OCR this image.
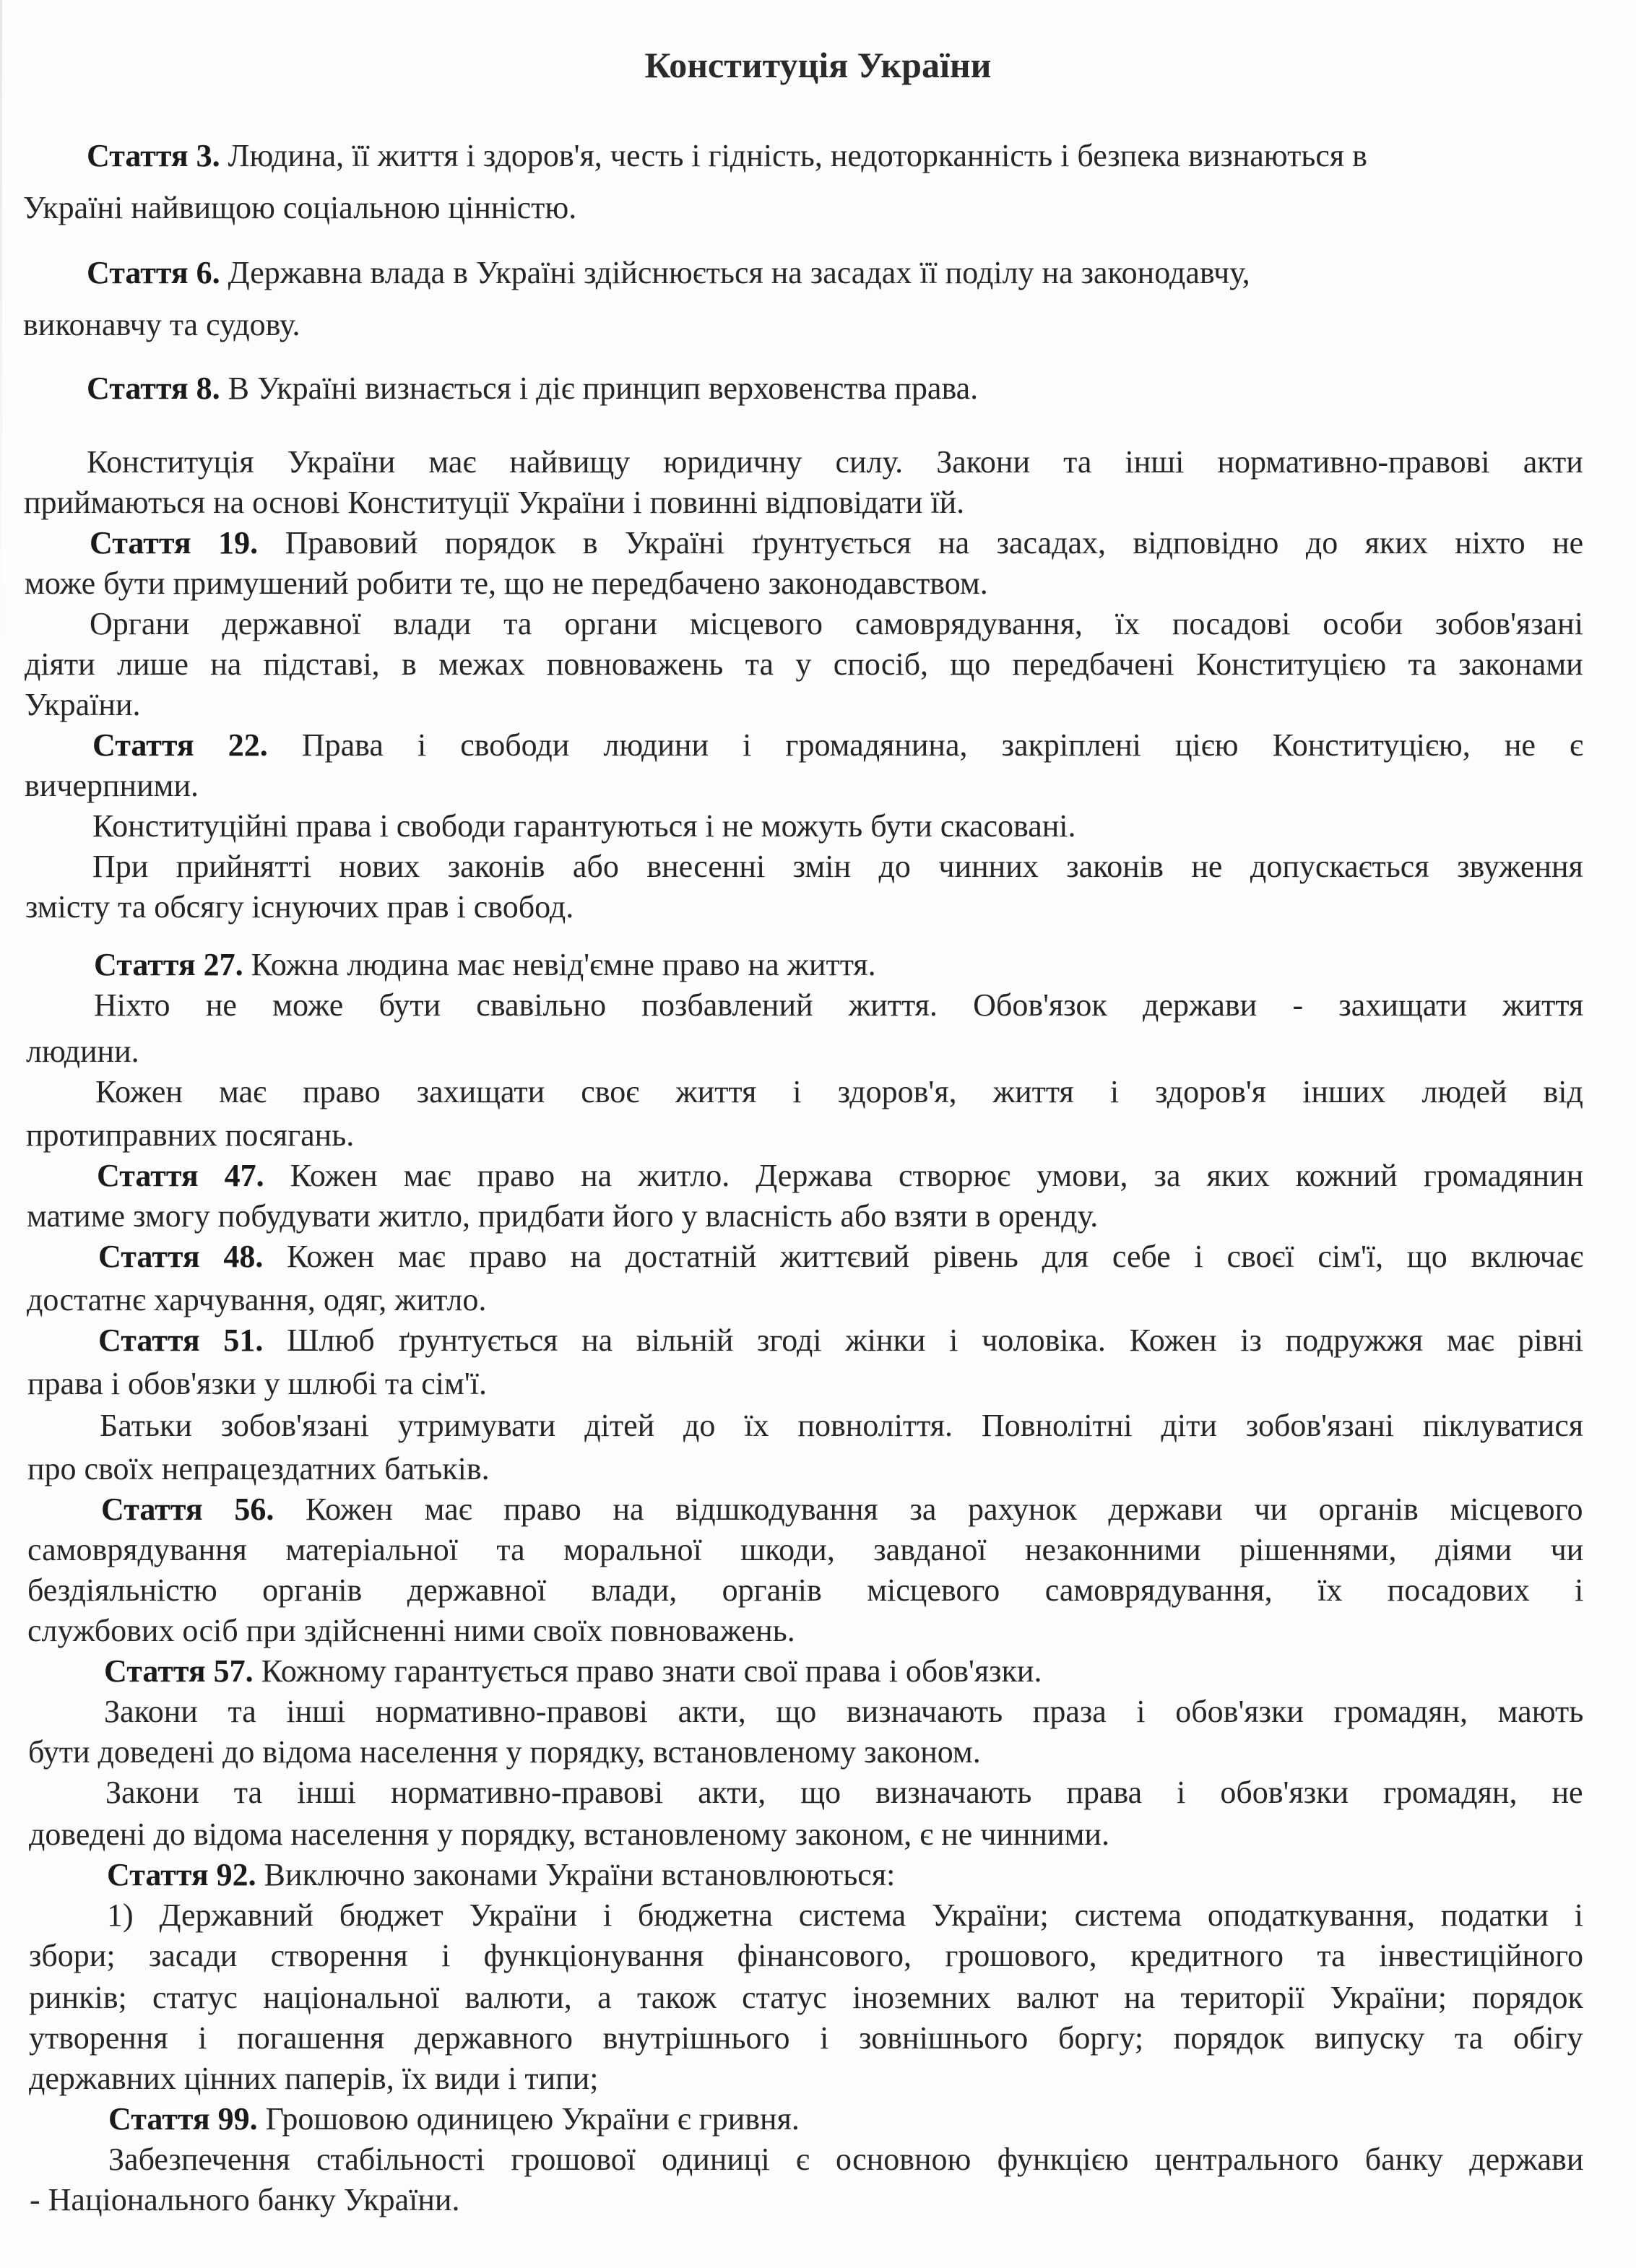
Конституція України
Стаття 3. Людина, її життя і здоров'я, честь і гідність, недоторканність і безпека визнаються в
Україні найвищою соціальною цінністю.
Стаття 6. Державна влада в Україні здійснюється на засадах її поділу на законодавчу,
виконавчу та судову.
Стаття 8. В Україні визнається і діє принцип верховенства права.
Конституція України має найвищу юридичну силу. Закони та інші нормативно-правові акти
приймаються на основі Конституції України і повинні відповідати їй.
Стаття 19. Правовий порядок в Україні ґрунтується на засадах, відповідно до яких ніхто не
може бути примушений робити те, що не передбачено законодавством.
Органи державної влади та органи місцевого самоврядування, їх посадові особи зобов'язані
діяти лише на підставі, в межах повноважень та у спосіб, що передбачені Конституцією та законами
України.
Стаття 22. Права і свободи людини і громадянина, закріплені цією Конституцією, не є
вичерпними.
Конституційні права і свободи гарантуються і не можуть бути скасовані.
При прийнятті нових законів або внесенні змін до чинних законів не допускається звуження
змісту та обсягу існуючих прав і свобод.
Стаття 27. Кожна людина має невід'ємне право на життя.
Ніхто не може бути свавільно позбавлений життя. Обов'язок держави - захищати життя
людини.
Кожен має право захищати своє життя і здоров'я, життя і здоров'я інших людей від
протиправних посягань.
Стаття 47. Кожен має право на житло. Держава створює умови, за яких кожний громадянин
матиме змогу побудувати житло, придбати його у власність або взяти в оренду.
Стаття 48. Кожен має право на достатній життєвий рівень для себе і своєї сім'ї, що включає
достатнє харчування, одяг, житло.
Стаття 51. Шлюб ґрунтується на вільній згоді жінки і чоловіка. Кожен із подружжя має рівні
права і обов'язки у шлюбі та сім'ї.
Батьки зобов'язані утримувати дітей до їх повноліття. Повнолітні діти зобов'язані піклуватися
про своїх непрацездатних батьків.
Стаття 56. Кожен має право на відшкодування за рахунок держави чи органів місцевого
самоврядування матеріальної та моральної шкоди, завданої незаконними рішеннями, діями чи
бездіяльністю органів державної влади, органів місцевого самоврядування, їх посадових і
службових осіб при здійсненні ними своїх повноважень.
Стаття 57. Кожному гарантується право знати свої права і обов'язки.
Закони та інші нормативно-правові акти, що визначають праза і обов'язки громадян, мають
бути доведені до відома населення у порядку, встановленому законом.
Закони та інші нормативно-правові акти, що визначають права і обов'язки громадян, не
доведені до відома населення у порядку, встановленому законом, є не чинними.
Стаття 92. Виключно законами України встановлюються:
1) Державний бюджет України і бюджетна система України; система оподаткування, податки і
збори; засади створення і функціонування фінансового, грошового, кредитного та інвестиційного
ринків; статус національної валюти, а також статус іноземних валют на території України; порядок
утворення і погашення державного внутрішнього і зовнішнього боргу; порядок випуску та обігу
державних цінних паперів, їх види і типи;
Стаття 99. Грошовою одиницею України є гривня.
Забезпечення стабільності грошової одиниці є основною функцією центрального банку держави
- Національного банку України.
